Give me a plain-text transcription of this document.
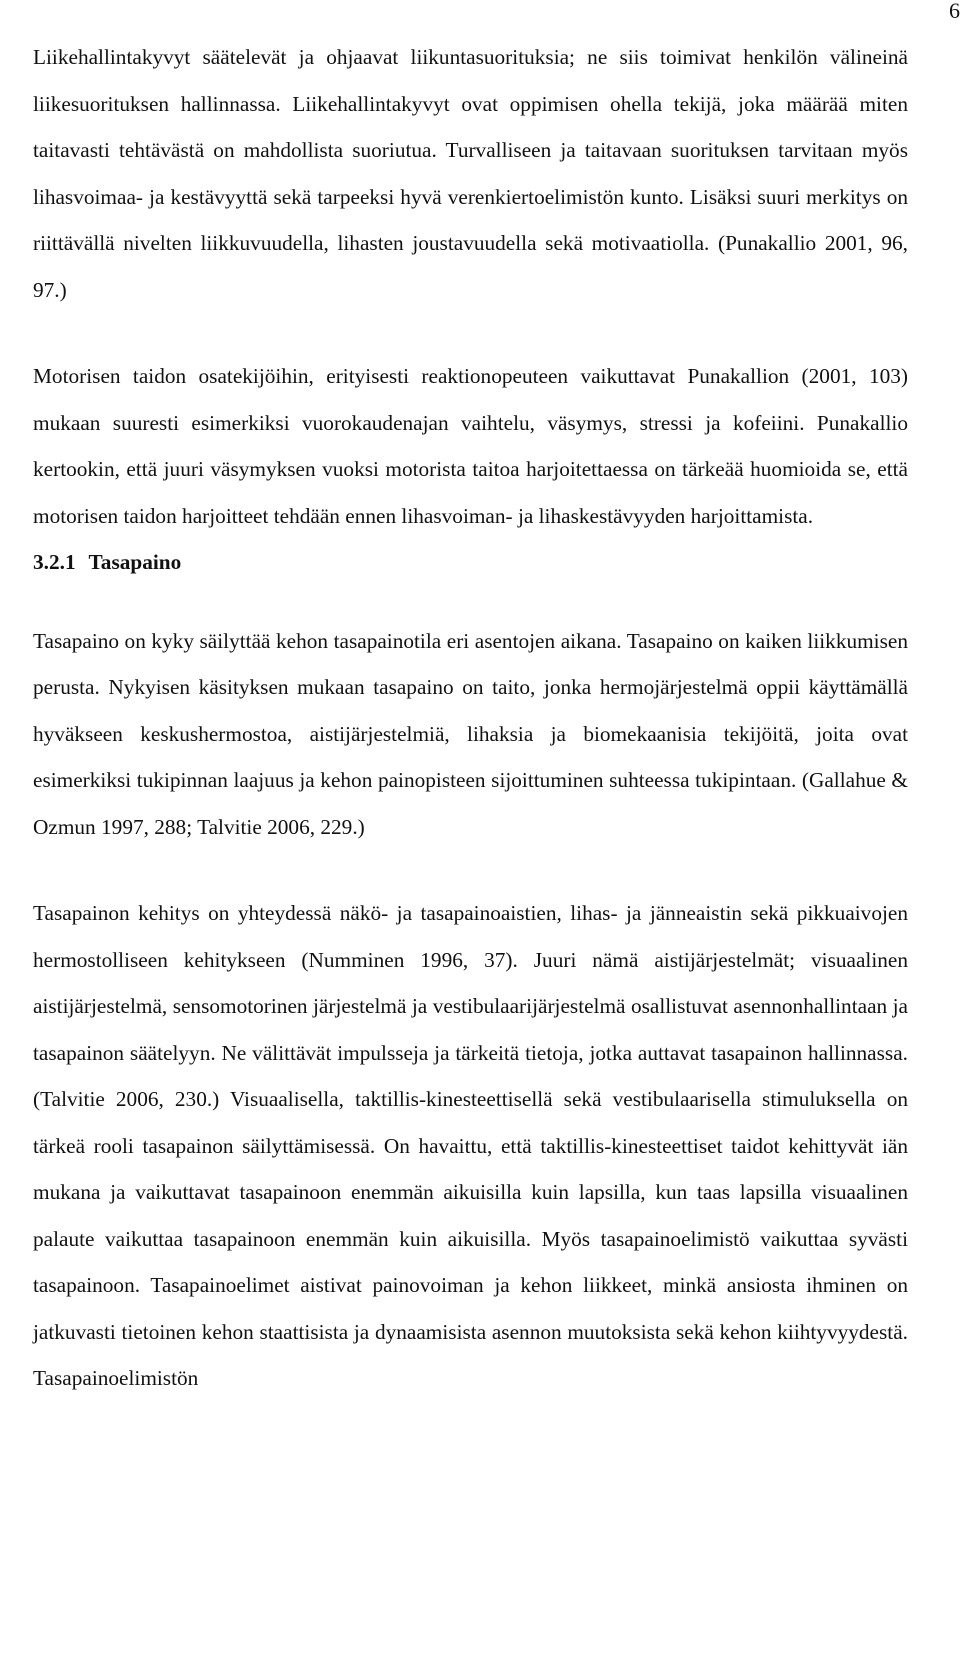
6

Liikehallintakyvyt säätelevät ja ohjaavat liikuntasuorituksia; ne siis toimivat henkilön välineinä liikesuorituksen hallinnassa. Liikehallintakyvyt ovat oppimisen ohella tekijä, joka määrää miten taitavasti tehtävästä on mahdollista suoriutua. Turvalliseen ja taitavaan suorituksen tarvitaan myös lihasvoimaa- ja kestävyyttä sekä tarpeeksi hyvä verenkiertoelimistön kunto. Lisäksi suuri merkitys on riittävällä nivelten liikkuvuudella, lihasten joustavuudella sekä motivaatiolla. (Punakallio 2001, 96, 97.)

Motorisen taidon osatekijöihin, erityisesti reaktionopeuteen vaikuttavat Punakallion (2001, 103) mukaan suuresti esimerkiksi vuorokaudenajan vaihtelu, väsymys, stressi ja kofeiini. Punakallio kertookin, että juuri väsymyksen vuoksi motorista taitoa harjoitettaessa on tärkeää huomioida se, että motorisen taidon harjoitteet tehdään ennen lihasvoiman- ja lihaskestävyyden harjoittamista.

3.2.1 Tasapaino

Tasapaino on kyky säilyttää kehon tasapainotila eri asentojen aikana. Tasapaino on kaiken liikkumisen perusta. Nykyisen käsityksen mukaan tasapaino on taito, jonka hermojärjestelmä oppii käyttämällä hyväkseen keskushermostoa, aistijärjestelmiä, lihaksia ja biomekaanisia tekijöitä, joita ovat esimerkiksi tukipinnan laajuus ja kehon painopisteen sijoittuminen suhteessa tukipintaan. (Gallahue & Ozmun 1997, 288; Talvitie 2006, 229.)

Tasapainon kehitys on yhteydessä näkö- ja tasapainoaistien, lihas- ja jänneaistin sekä pikkuaivojen hermostolliseen kehitykseen (Numminen 1996, 37). Juuri nämä aistijärjestelmät; visuaalinen aistijärjestelmä, sensomotorinen järjestelmä ja vestibulaarijärjestelmä osallistuvat asennonhallintaan ja tasapainon säätelyyn. Ne välittävät impulsseja ja tärkeitä tietoja, jotka auttavat tasapainon hallinnassa. (Talvitie 2006, 230.) Visuaalisella, taktillis-kinesteettisellä sekä vestibulaarisella stimuluksella on tärkeä rooli tasapainon säilyttämisessä. On havaittu, että taktillis-kinesteettiset taidot kehittyvät iän mukana ja vaikuttavat tasapainoon enemmän aikuisilla kuin lapsilla, kun taas lapsilla visuaalinen palaute vaikuttaa tasapainoon enemmän kuin aikuisilla. Myös tasapainoelimistö vaikuttaa syvästi tasapainoon. Tasapainoelimet aistivat painovoiman ja kehon liikkeet, minkä ansiosta ihminen on jatkuvasti tietoinen kehon staattisista ja dynaamisista asennon muutoksista sekä kehon kiihtyvyydestä. Tasapainoelimistön
